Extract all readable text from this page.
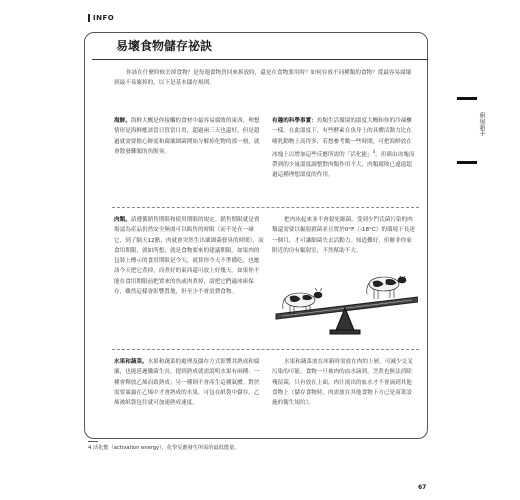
INFO
易壞食物儲存祕訣

你該在什麼時候丟掉食物？是每週食物買回來拆放時，還是在食物要用時？如何存放不同種類的食物？從最容易腐壞到最不易壞掉的，以下是基本儲存規則。

海鮮。海鮮大概是你接觸的食材中最容易腐敗的東西，理想情形是海鮮應該當日買當日用，超過兩三天也還好，但是超過就需要擔心鮮度和腐壞細菌開始分解掉化物的那一刻，就會散發難聞的魚腥臭。

有趣的科學事實：魚類生活環境的溫度大概和你的冷凍櫃一樣，在此溫度下，有些酵素在魚身上的具體活動力比在哺乳動物上高得多，若想參考數一些時間，可把海鮮放在冰塊上以增加這些反應所需的「活化能」$^4$。但藉由冰塊而帶到的少量溫度調整對肉類作用不大，肉類腐敗已遠遠超過這種理想溫度的作用。

肉類。請遵循銷售期限和使用期限的規定。銷售期限就是賣場認為產品仍然安全無虞可以販售的時限（而不是在一碰它，到了隔天12點，肉就會突然生出壞細菌發臭的時間），而食用期限，就如所想，就是食物要來的建議期限。如果肉的包裝上標示的食用期限是今天，就算你今天不準備吃，也應該今天把它煮掉，而煮好的東西還可放上好幾天。如果你不能在食用期限前把置來的魚或肉煮掉，請把它們適冰庫保存，雖然這樣會影響質地，但至少不會浪費食物。

把肉冰起來並不會殺死細菌，受到少門氏菌污染的肉類還需要以輻射殺菌並且置於0°F（-18°C）的環境下長達一個月，才可讓細菌失去活動力。知道難好，但辦非你家附近的房有輻射室，不然幫助不大。

水果和蔬菜。水果和蔬菜的處理及儲存方式影響其熟成和腐壞，也能延遲黴菌生長。提到熟成就需說明水果有兩種：一種會釋放乙烯而致熟成；另一種則不會產生這種氣體。對於需要暴露在乙烯中才會熟成的水果，可包在紙袋中儲存，乙烯被紙袋包住就可加速熟成速度。

水果和蔬菜放在冰箱時需放在肉的上層，可減少交叉污染的可能。食物一旦被肉的血水滴到，烹煮也無法消除殘留菌，只有放在上面，肉汁流出的血水才不會滴到其他食物上（儲存食物時，肉需放在其他食物下方已是商業設施的衛生規約）。

廚房新手
4 活化能（activation energy），化學反應發生所需的最低能量。
67
